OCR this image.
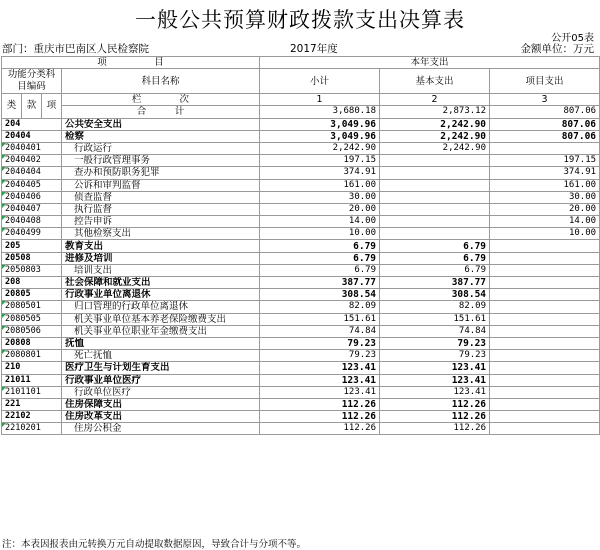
一般公共预算财政拨款支出决算表
公开05表
部门：重庆市巴南区人民检察院	2017年度	金额单位：万元
项　　　　　目				本年支出		
功能分类科目编码			科目名称	小计	基本支出	项目支出

类	款	项	栏　　　　次	1	2	3

			合　　　计	3,680.18	2,873.12	807.06
204			公共安全支出	3,049.96	2,242.90	807.06
20404			检察	3,049.96	2,242.90	807.06

2040401			行政运行	2,242.90	2,242.90	

2040402			一般行政管理事务	197.15		197.15

2040404			查办和预防职务犯罪	374.91		374.91

2040405			公诉和审判监督	161.00		161.00

2040406			侦查监督	30.00		30.00

2040407			执行监督	20.00		20.00

2040408			控告申诉	14.00		14.00

2040499			其他检察支出	10.00		10.00
205			教育支出	6.79	6.79	
20508			进修及培训	6.79	6.79	

2050803			培训支出	6.79	6.79	
208			社会保障和就业支出	387.77	387.77	
20805			行政事业单位离退休	308.54	308.54	

2080501			归口管理的行政单位离退休	82.09	82.09	

2080505			机关事业单位基本养老保险缴费支出	151.61	151.61	

2080506			机关事业单位职业年金缴费支出	74.84	74.84	
20808			抚恤	79.23	79.23	

2080801			死亡抚恤	79.23	79.23	
210			医疗卫生与计划生育支出	123.41	123.41	
21011			行政事业单位医疗	123.41	123.41	

2101101			行政单位医疗	123.41	123.41	
221			住房保障支出	112.26	112.26	
22102			住房改革支出	112.26	112.26	

2210201			住房公积金	112.26	112.26	
注：本表因报表由元转换万元自动提取数据原因，导致合计与分项不等。
